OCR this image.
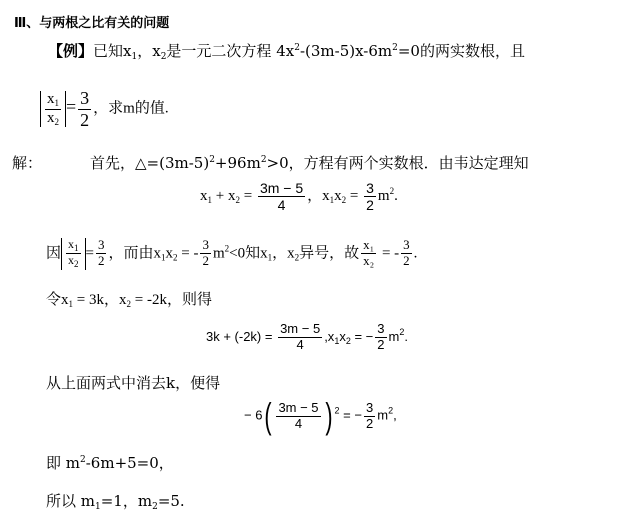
Ⅲ、与两根之比有关的问题
【例】已知$x_1$，$x_2$是一元二次方程 $4x^2-(3m-5)x-6m^2=0$的两实数根，且
$\frac{x_1}{x_2} = \frac{3}{2}$ ，求m的值.
解：	首先，$\triangle=(3m-5)^2+96m^2>0$，方程有两个实数根．由韦达定理知
$x_1 + x_2 = \frac{3m - 5}{4}$ ，$x_1x_2 = \frac{3}{2} m^2$.
因 $\frac{x_1}{x_2} = \frac{3}{2}$ ，而由$x_1x_2$ = - $\frac{3}{2} m^2<0$知$x_1$，$x_2$异号，故 $\frac{\text{x₁}}{\text{x₂}}$ = - $\frac{3}{2}$ .
令$x_1 = 3k$，$x_2 = -2k$，则得
$3k + (-2k) = \frac{3m - 5}{4} ,x_1x_2$ = − $\frac{3}{2} m^2$.
从上面两式中消去k，便得
− $6( \frac{3m - 5}{4}$ ) $^2$ = − $\frac{3}{2} m^2$,
即 $m^2-6m+5=0$，
所以 $m_1=1$，$m_2=5$.
